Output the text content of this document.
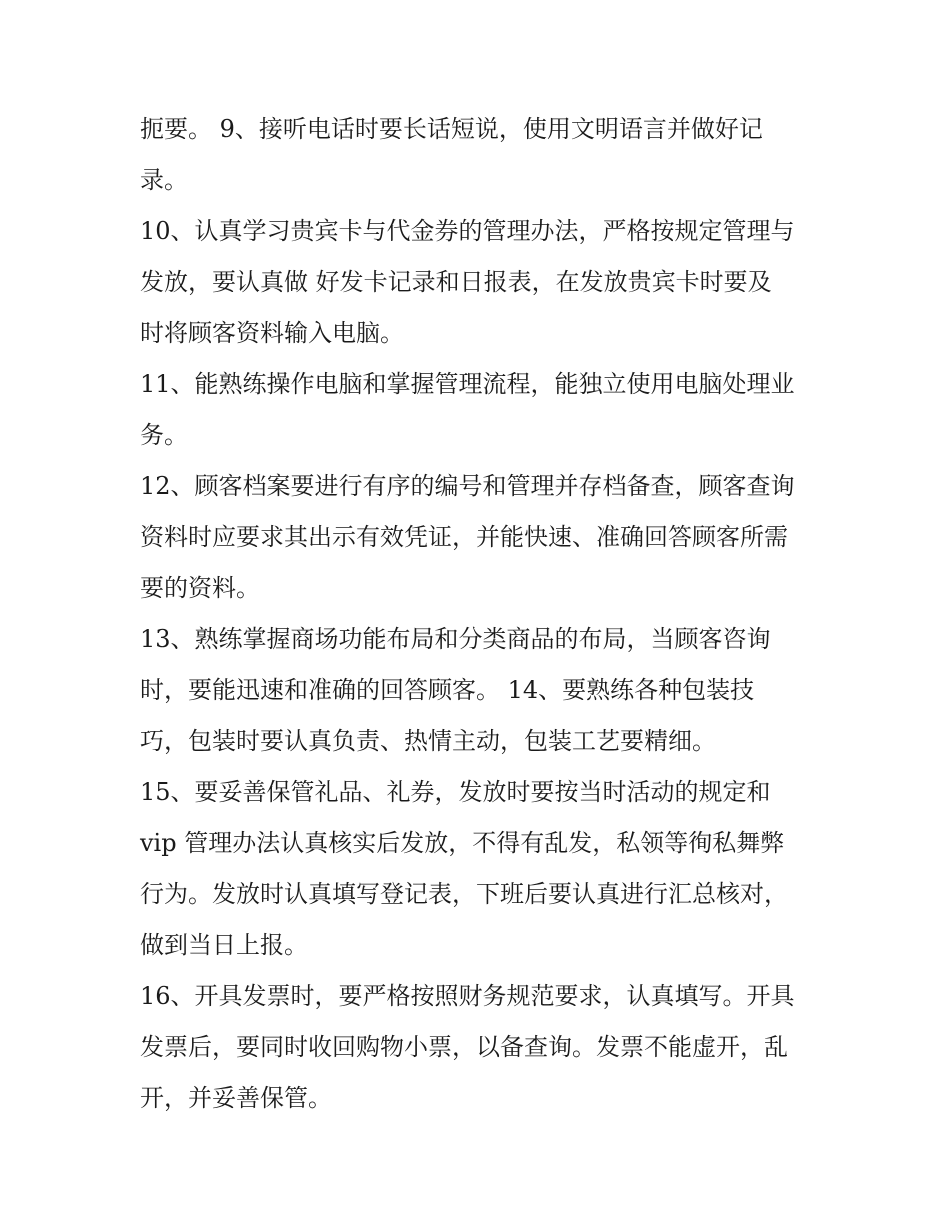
扼要。 9、接听电话时要长话短说，使用文明语言并做好记
录。
10、认真学习贵宾卡与代金券的管理办法，严格按规定管理与
发放，要认真做 好发卡记录和日报表，在发放贵宾卡时要及
时将顾客资料输入电脑。
11、能熟练操作电脑和掌握管理流程，能独立使用电脑处理业
务。
12、顾客档案要进行有序的编号和管理并存档备查，顾客查询
资料时应要求其出示有效凭证，并能快速、准确回答顾客所需
要的资料。
13、熟练掌握商场功能布局和分类商品的布局，当顾客咨询
时，要能迅速和准确的回答顾客。 14、要熟练各种包装技
巧，包装时要认真负责、热情主动，包装工艺要精细。
15、要妥善保管礼品、礼券，发放时要按当时活动的规定和
vip 管理办法认真核实后发放，不得有乱发，私领等徇私舞弊
行为。发放时认真填写登记表，下班后要认真进行汇总核对，
做到当日上报。
16、开具发票时，要严格按照财务规范要求，认真填写。开具
发票后，要同时收回购物小票，以备查询。发票不能虚开，乱
开，并妥善保管。
